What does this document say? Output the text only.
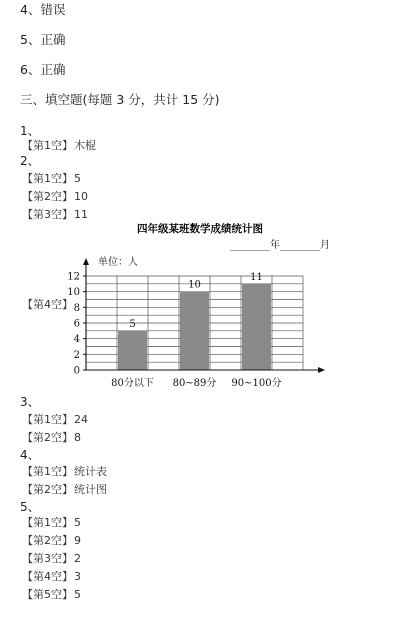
4、错误
5、正确
6、正确
三、填空题(每题 3 分，共计 15 分)
1、
【第1空】木棍
2、
【第1空】5
【第2空】10
【第3空】11
【第4空】
四年级某班数学成绩统计图
________年________月
单位：人
5
80分以下
10
80~89分
11
90~100分
0
2
4
6
8
10
12
3、
【第1空】24
【第2空】8
4、
【第1空】统计表
【第2空】统计图
5、
【第1空】5
【第2空】9
【第3空】2
【第4空】3
【第5空】5
